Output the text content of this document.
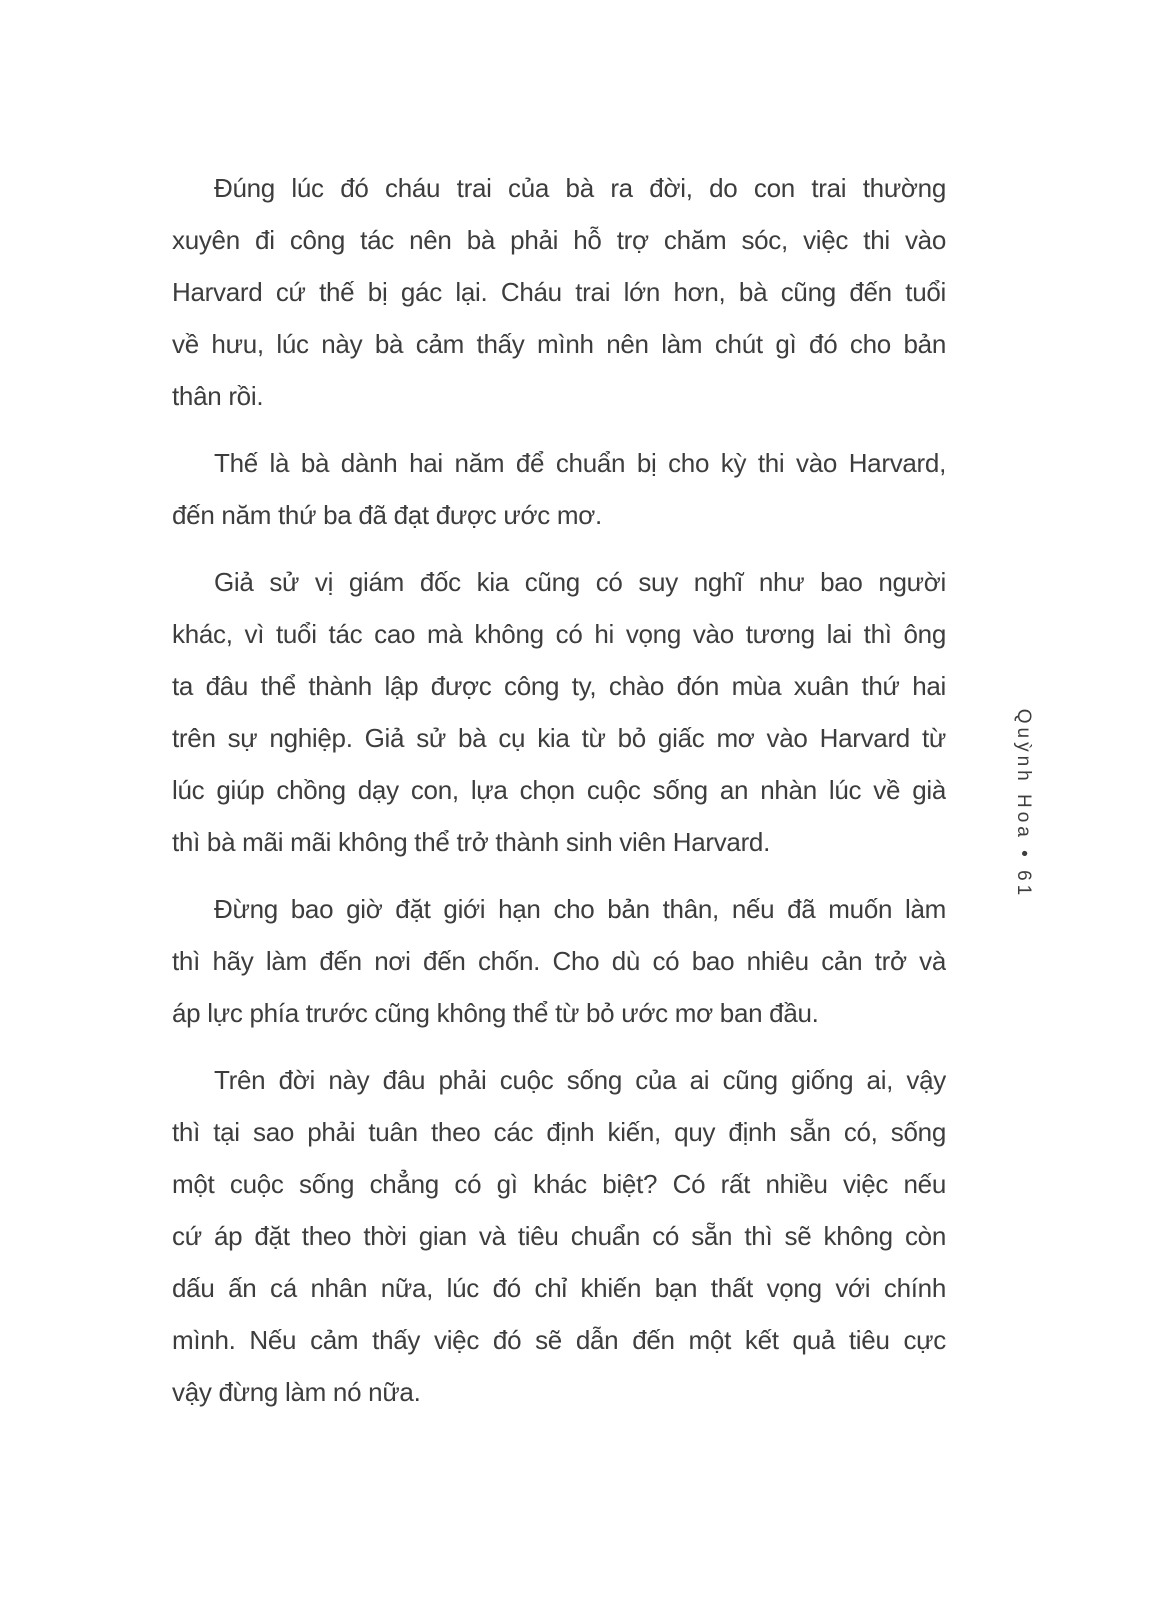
Đúng lúc đó cháu trai của bà ra đời, do con trai thường
xuyên đi công tác nên bà phải hỗ trợ chăm sóc, việc thi vào
Harvard cứ thế bị gác lại. Cháu trai lớn hơn, bà cũng đến tuổi
về hưu, lúc này bà cảm thấy mình nên làm chút gì đó cho bản
thân rồi.

Thế là bà dành hai năm để chuẩn bị cho kỳ thi vào Harvard,
đến năm thứ ba đã đạt được ước mơ.

Giả sử vị giám đốc kia cũng có suy nghĩ như bao người
khác, vì tuổi tác cao mà không có hi vọng vào tương lai thì ông
ta đâu thể thành lập được công ty, chào đón mùa xuân thứ hai
trên sự nghiệp. Giả sử bà cụ kia từ bỏ giấc mơ vào Harvard từ
lúc giúp chồng dạy con, lựa chọn cuộc sống an nhàn lúc về già
thì bà mãi mãi không thể trở thành sinh viên Harvard.

Đừng bao giờ đặt giới hạn cho bản thân, nếu đã muốn làm
thì hãy làm đến nơi đến chốn. Cho dù có bao nhiêu cản trở và
áp lực phía trước cũng không thể từ bỏ ước mơ ban đầu.

Trên đời này đâu phải cuộc sống của ai cũng giống ai, vậy
thì tại sao phải tuân theo các định kiến, quy định sẵn có, sống
một cuộc sống chẳng có gì khác biệt? Có rất nhiều việc nếu
cứ áp đặt theo thời gian và tiêu chuẩn có sẵn thì sẽ không còn
dấu ấn cá nhân nữa, lúc đó chỉ khiến bạn thất vọng với chính
mình. Nếu cảm thấy việc đó sẽ dẫn đến một kết quả tiêu cực
vậy đừng làm nó nữa.

Quỳnh Hoa • 61
